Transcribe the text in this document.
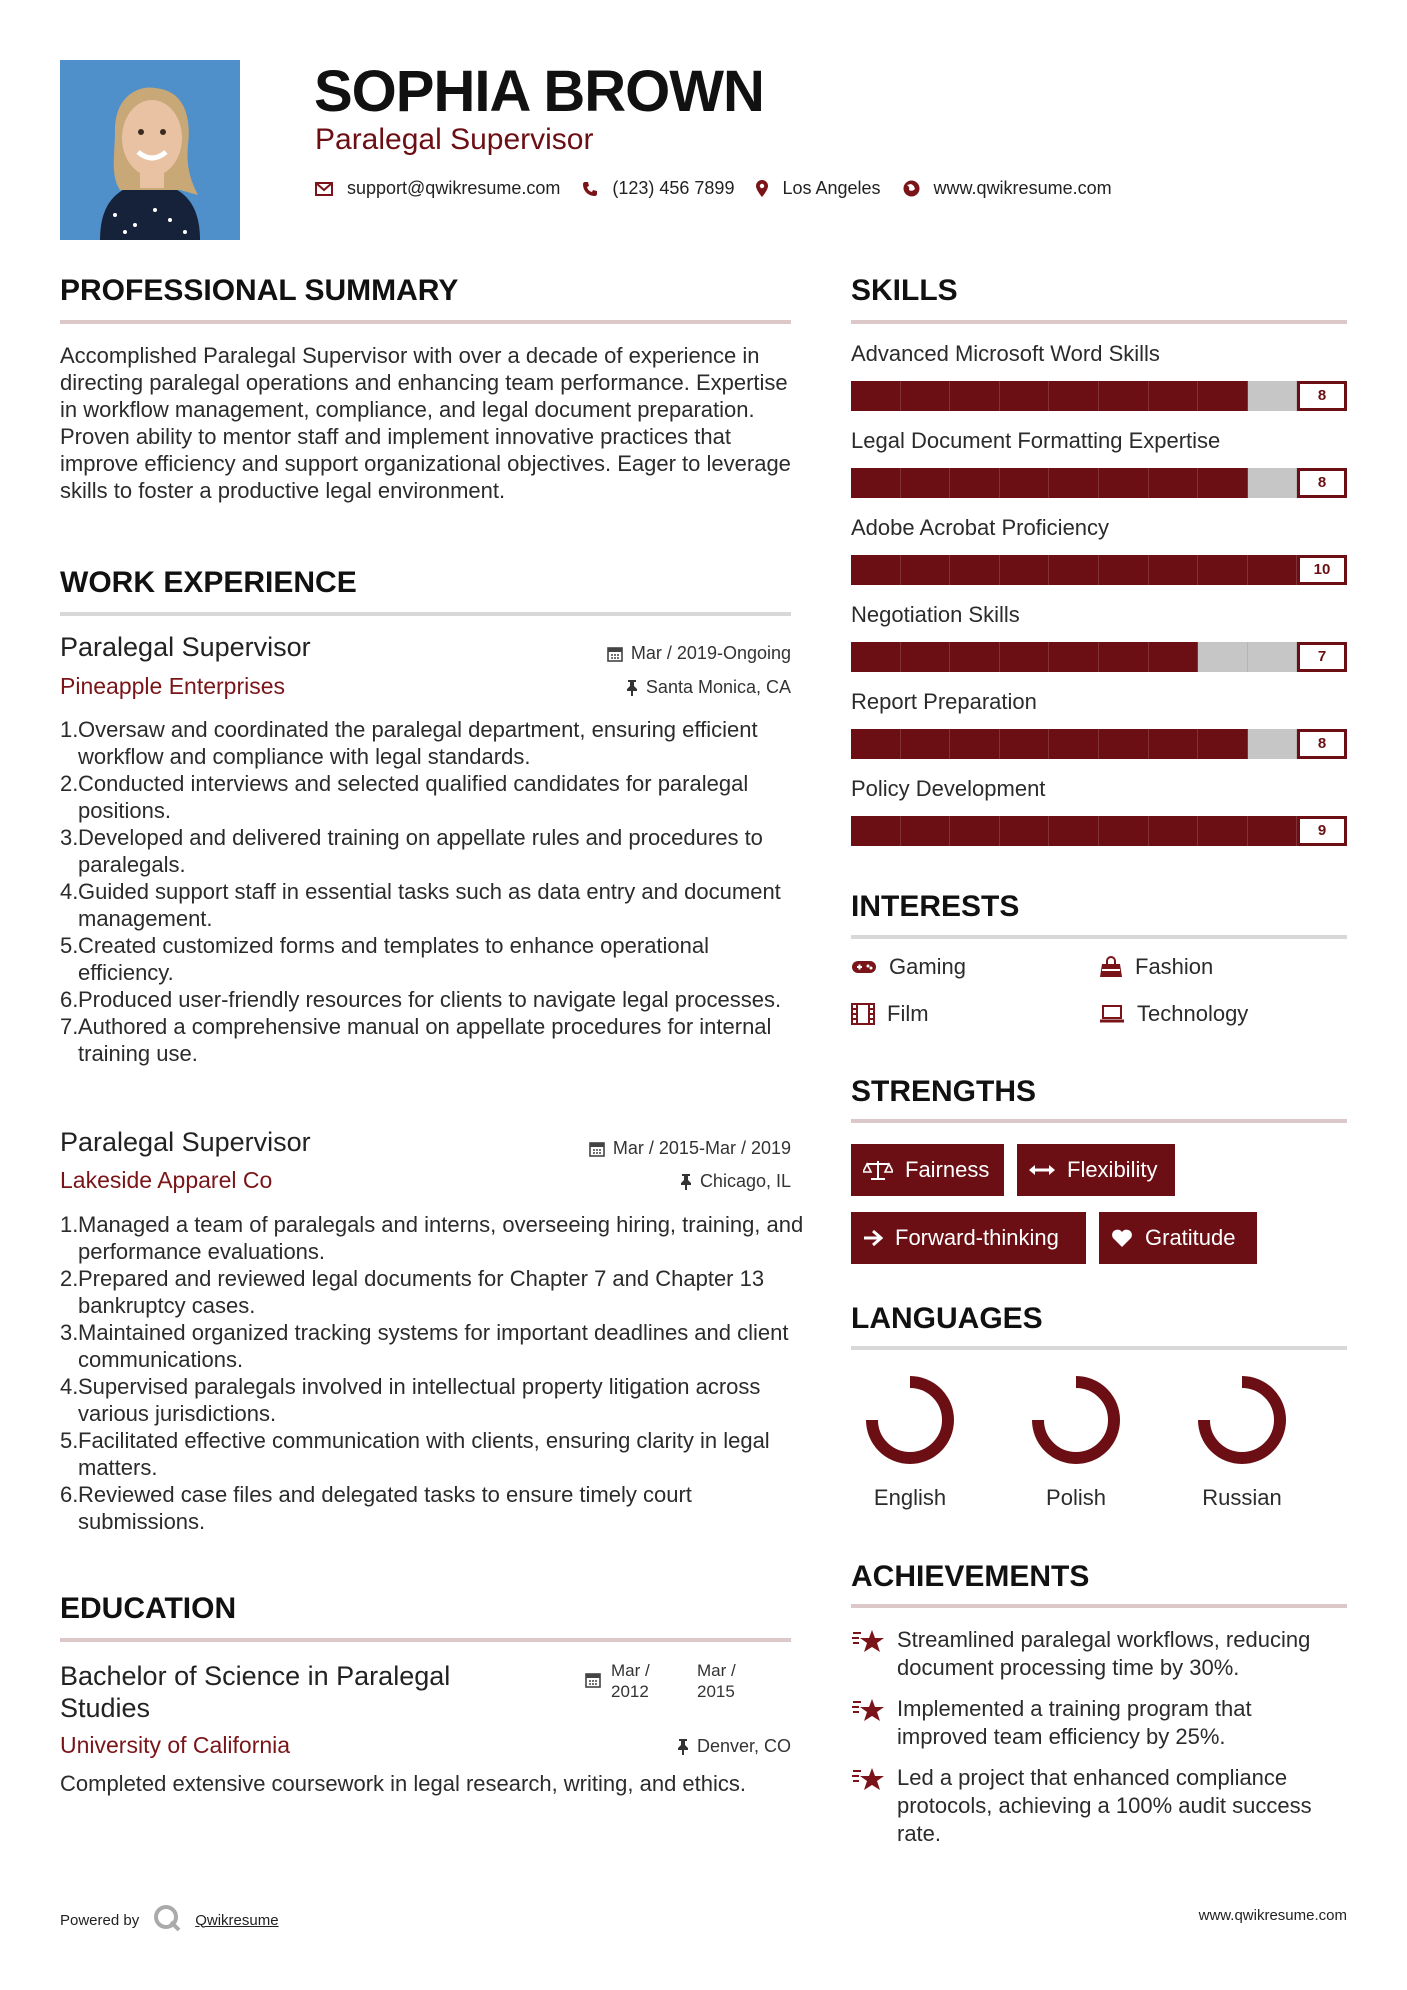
SOPHIA BROWN
Paralegal Supervisor
support@qwikresume.com	(123) 456 7899	Los Angeles	www.qwikresume.com
PROFESSIONAL SUMMARY
Accomplished Paralegal Supervisor with over a decade of experience in directing paralegal operations and enhancing team performance. Expertise in workflow management, compliance, and legal document preparation. Proven ability to mentor staff and implement innovative practices that improve efficiency and support organizational objectives. Eager to leverage skills to foster a productive legal environment.
WORK EXPERIENCE
Paralegal Supervisor	Mar / 2019-Ongoing
Pineapple Enterprises	Santa Monica, CA
1. Oversaw and coordinated the paralegal department, ensuring efficient workflow and compliance with legal standards.
2. Conducted interviews and selected qualified candidates for paralegal positions.
3. Developed and delivered training on appellate rules and procedures to paralegals.
4. Guided support staff in essential tasks such as data entry and document management.
5. Created customized forms and templates to enhance operational efficiency.
6. Produced user-friendly resources for clients to navigate legal processes.
7. Authored a comprehensive manual on appellate procedures for internal training use.
Paralegal Supervisor	Mar / 2015-Mar / 2019
Lakeside Apparel Co	Chicago, IL
1. Managed a team of paralegals and interns, overseeing hiring, training, and performance evaluations.
2. Prepared and reviewed legal documents for Chapter 7 and Chapter 13 bankruptcy cases.
3. Maintained organized tracking systems for important deadlines and client communications.
4. Supervised paralegals involved in intellectual property litigation across various jurisdictions.
5. Facilitated effective communication with clients, ensuring clarity in legal matters.
6. Reviewed case files and delegated tasks to ensure timely court submissions.
EDUCATION
Bachelor of Science in Paralegal Studies
Mar / 2012
Mar / 2015
University of California	Denver, CO
Completed extensive coursework in legal research, writing, and ethics.
SKILLS
Advanced Microsoft Word Skills
8
Legal Document Formatting Expertise
8
Adobe Acrobat Proficiency
10
Negotiation Skills
7
Report Preparation
8
Policy Development
9
INTERESTS
Gaming	Fashion
Film	Technology
STRENGTHS
Fairness	Flexibility
Forward-thinking	Gratitude
LANGUAGES
English	Polish	Russian
ACHIEVEMENTS
Streamlined paralegal workflows, reducing document processing time by 30%.
Implemented a training program that improved team efficiency by 25%.
Led a project that enhanced compliance protocols, achieving a 100% audit success rate.
Powered by	Qwikresume	www.qwikresume.com
